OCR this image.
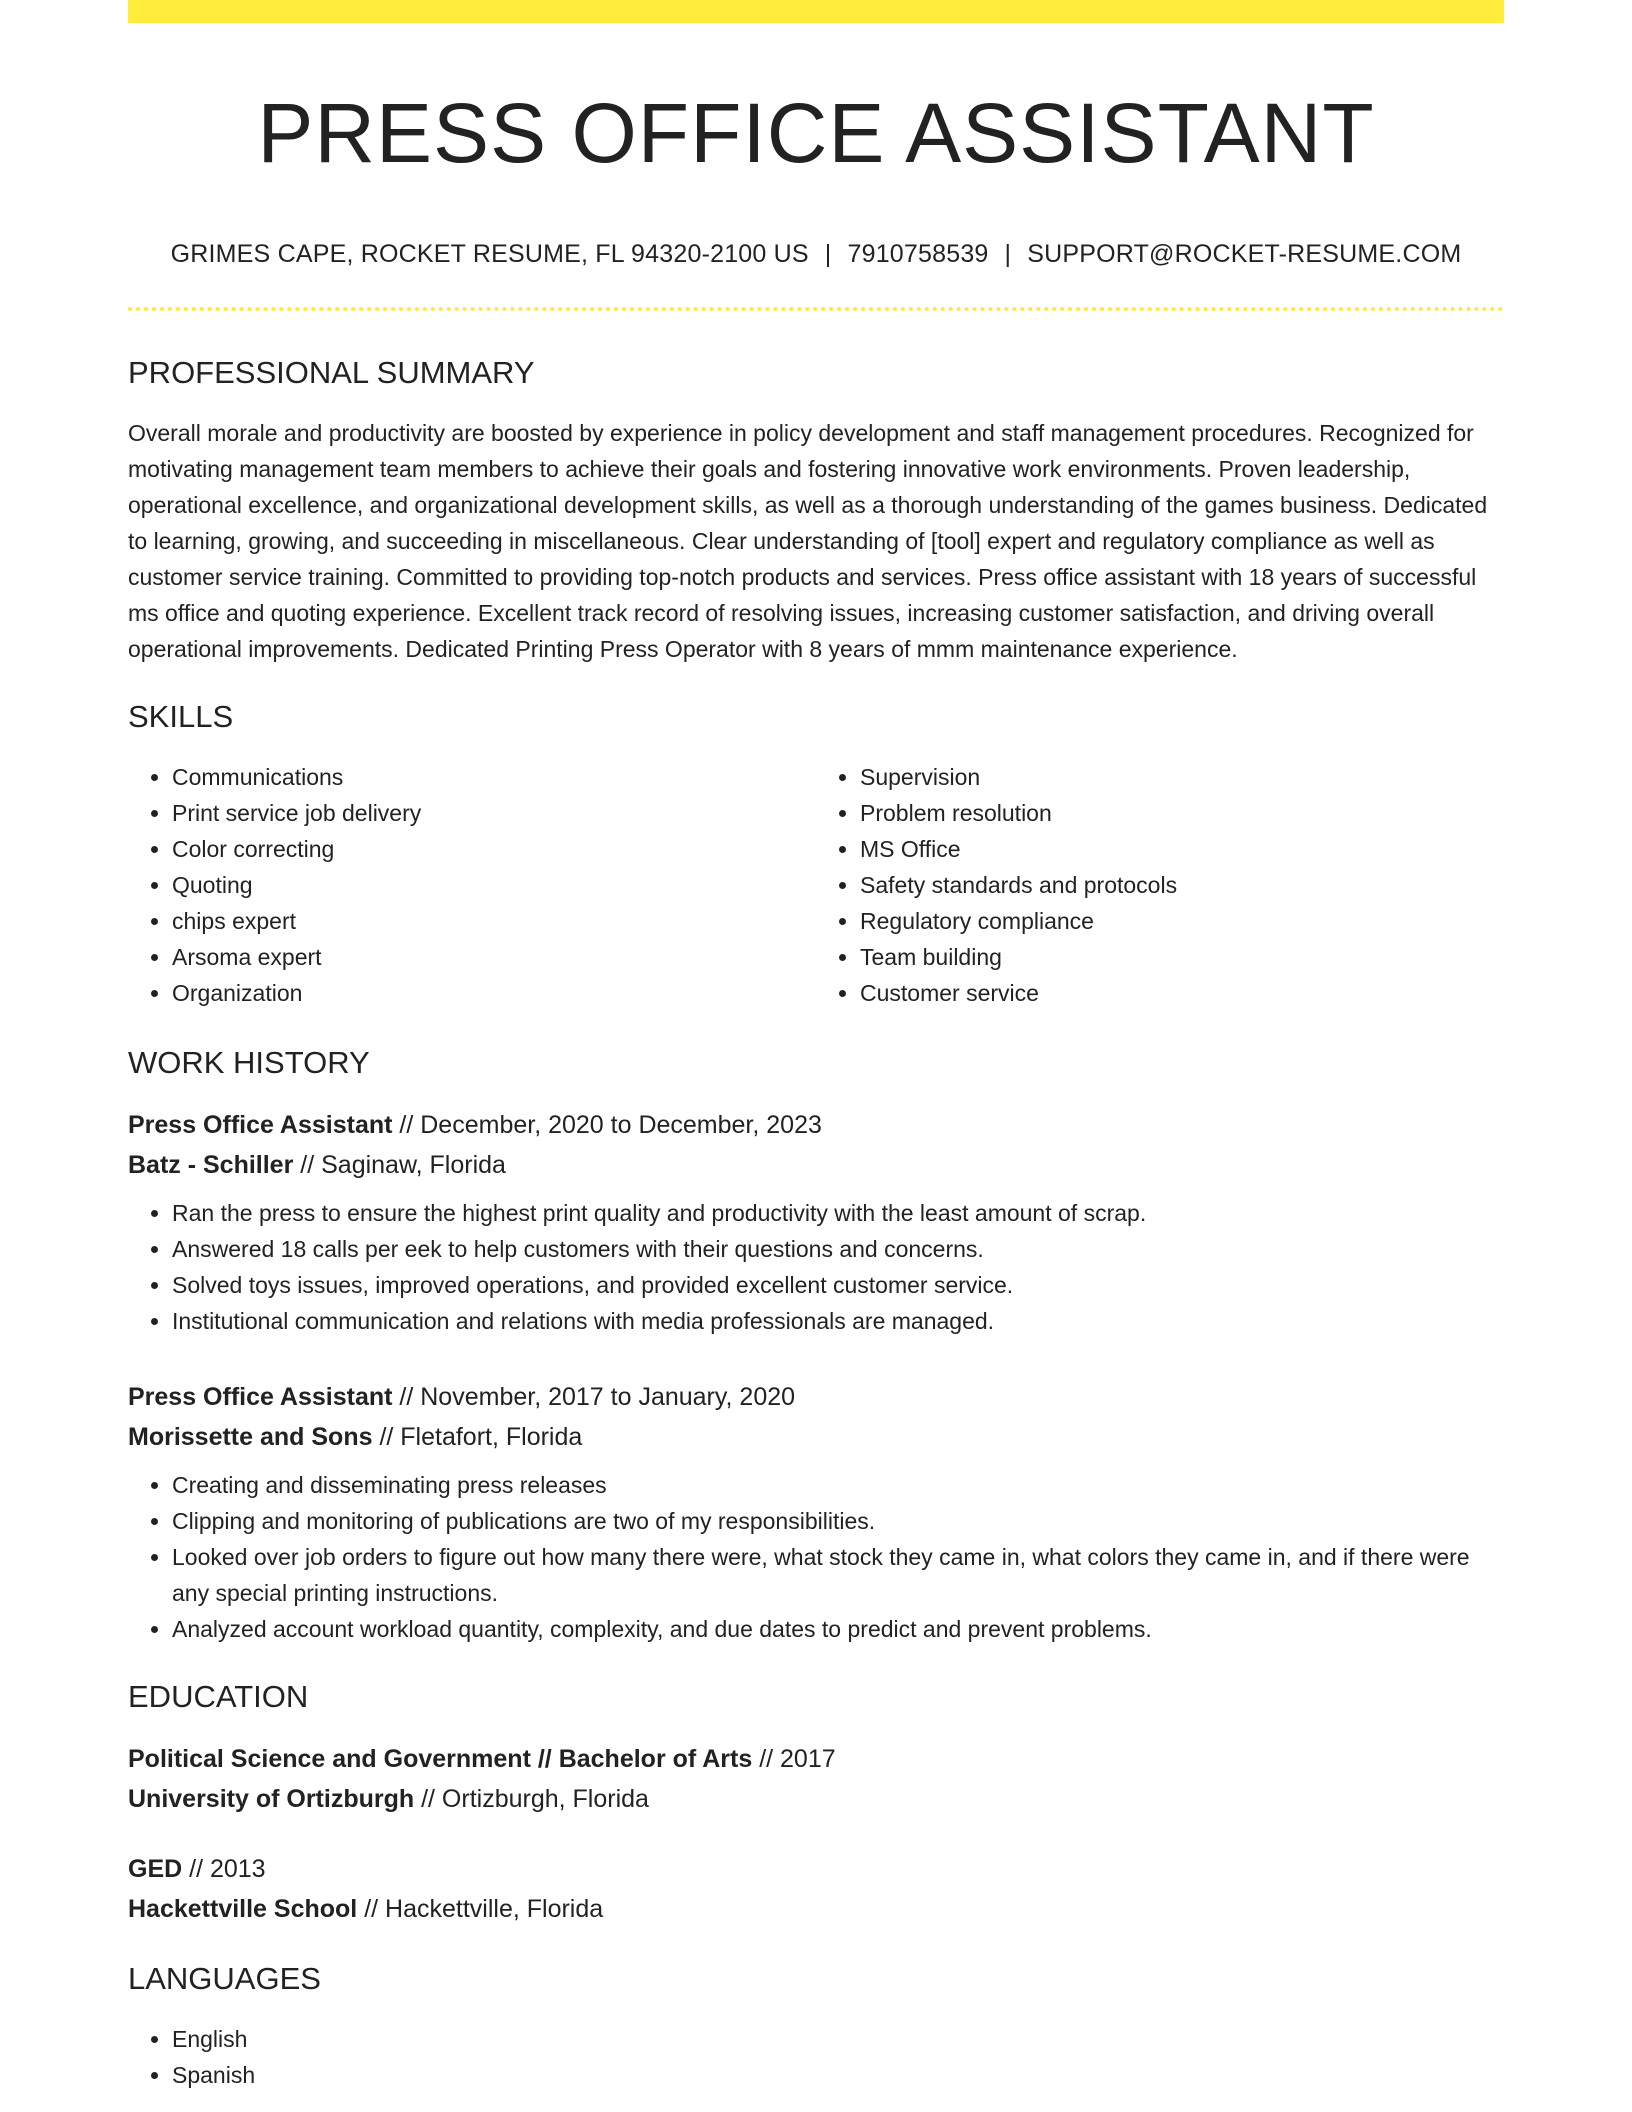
PRESS OFFICE ASSISTANT
GRIMES CAPE, ROCKET RESUME, FL 94320-2100 US | 7910758539 | SUPPORT@ROCKET-RESUME.COM
PROFESSIONAL SUMMARY

Overall morale and productivity are boosted by experience in policy development and staff management procedures. Recognized for motivating management team members to achieve their goals and fostering innovative work environments. Proven leadership, operational excellence, and organizational development skills, as well as a thorough understanding of the games business. Dedicated to learning, growing, and succeeding in miscellaneous. Clear understanding of [tool] expert and regulatory compliance as well as customer service training. Committed to providing top-notch products and services. Press office assistant with 18 years of successful ms office and quoting experience. Excellent track record of resolving issues, increasing customer satisfaction, and driving overall operational improvements. Dedicated Printing Press Operator with 8 years of mmm maintenance experience.

SKILLS
• Communications
• Print service job delivery
• Color correcting
• Quoting
• chips expert
• Arsoma expert
• Organization
• Supervision
• Problem resolution
• MS Office
• Safety standards and protocols
• Regulatory compliance
• Team building
• Customer service
WORK HISTORY
Press Office Assistant // December, 2020 to December, 2023
Batz - Schiller // Saginaw, Florida
• Ran the press to ensure the highest print quality and productivity with the least amount of scrap.
• Answered 18 calls per eek to help customers with their questions and concerns.
• Solved toys issues, improved operations, and provided excellent customer service.
• Institutional communication and relations with media professionals are managed.
Press Office Assistant // November, 2017 to January, 2020
Morissette and Sons // Fletafort, Florida
• Creating and disseminating press releases
• Clipping and monitoring of publications are two of my responsibilities.
• Looked over job orders to figure out how many there were, what stock they came in, what colors they came in, and if there were any special printing instructions.
• Analyzed account workload quantity, complexity, and due dates to predict and prevent problems.
EDUCATION
Political Science and Government // Bachelor of Arts // 2017
University of Ortizburgh // Ortizburgh, Florida
GED // 2013
Hackettville School // Hackettville, Florida
LANGUAGES
• English
• Spanish
